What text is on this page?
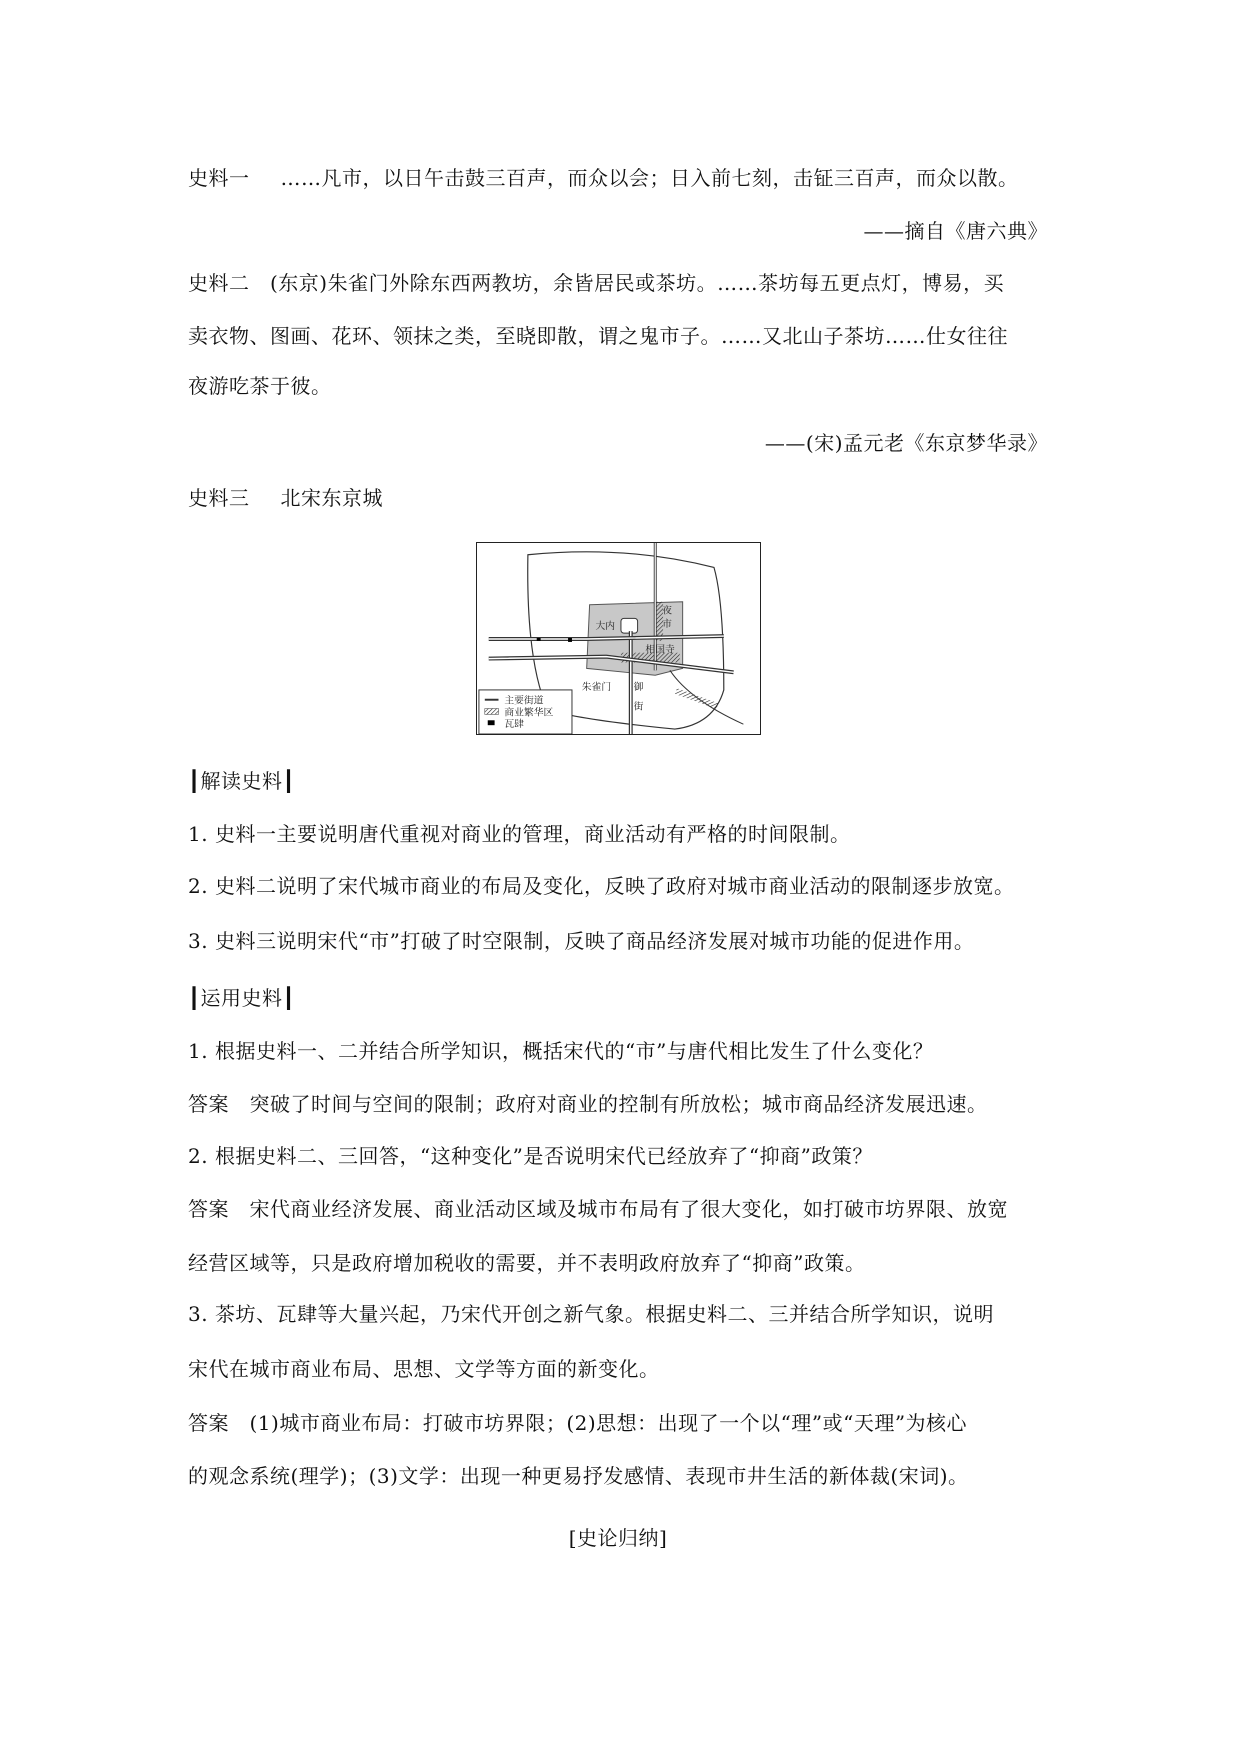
史料一   ……凡市，以日午击鼓三百声，而众以会；日入前七刻，击钲三百声，而众以散。
——摘自《唐六典》
史料二  (东京)朱雀门外除东西两教坊，余皆居民或茶坊。……茶坊每五更点灯，博易，买
卖衣物、图画、花环、领抹之类，至晓即散，谓之鬼市子。……又北山子茶坊……仕女往往
夜游吃茶于彼。
——(宋)孟元老《东京梦华录》
史料三   北宋东京城
大内
夜
市
相国寺
朱雀门 御
街
主要街道
商业繁华区
瓦肆
┃解读史料┃
1. 史料一主要说明唐代重视对商业的管理，商业活动有严格的时间限制。
2. 史料二说明了宋代城市商业的布局及变化，反映了政府对城市商业活动的限制逐步放宽。
3. 史料三说明宋代“市”打破了时空限制，反映了商品经济发展对城市功能的促进作用。
┃运用史料┃
1. 根据史料一、二并结合所学知识，概括宋代的“市”与唐代相比发生了什么变化？
答案　突破了时间与空间的限制；政府对商业的控制有所放松；城市商品经济发展迅速。
2. 根据史料二、三回答，“这种变化”是否说明宋代已经放弃了“抑商”政策？
答案　宋代商业经济发展、商业活动区域及城市布局有了很大变化，如打破市坊界限、放宽
经营区域等，只是政府增加税收的需要，并不表明政府放弃了“抑商”政策。
3. 茶坊、瓦肆等大量兴起，乃宋代开创之新气象。根据史料二、三并结合所学知识，说明
宋代在城市商业布局、思想、文学等方面的新变化。
答案　(1)城市商业布局：打破市坊界限；(2)思想：出现了一个以“理”或“天理”为核心
的观念系统(理学)；(3)文学：出现一种更易抒发感情、表现市井生活的新体裁(宋词)。
[史论归纳]
